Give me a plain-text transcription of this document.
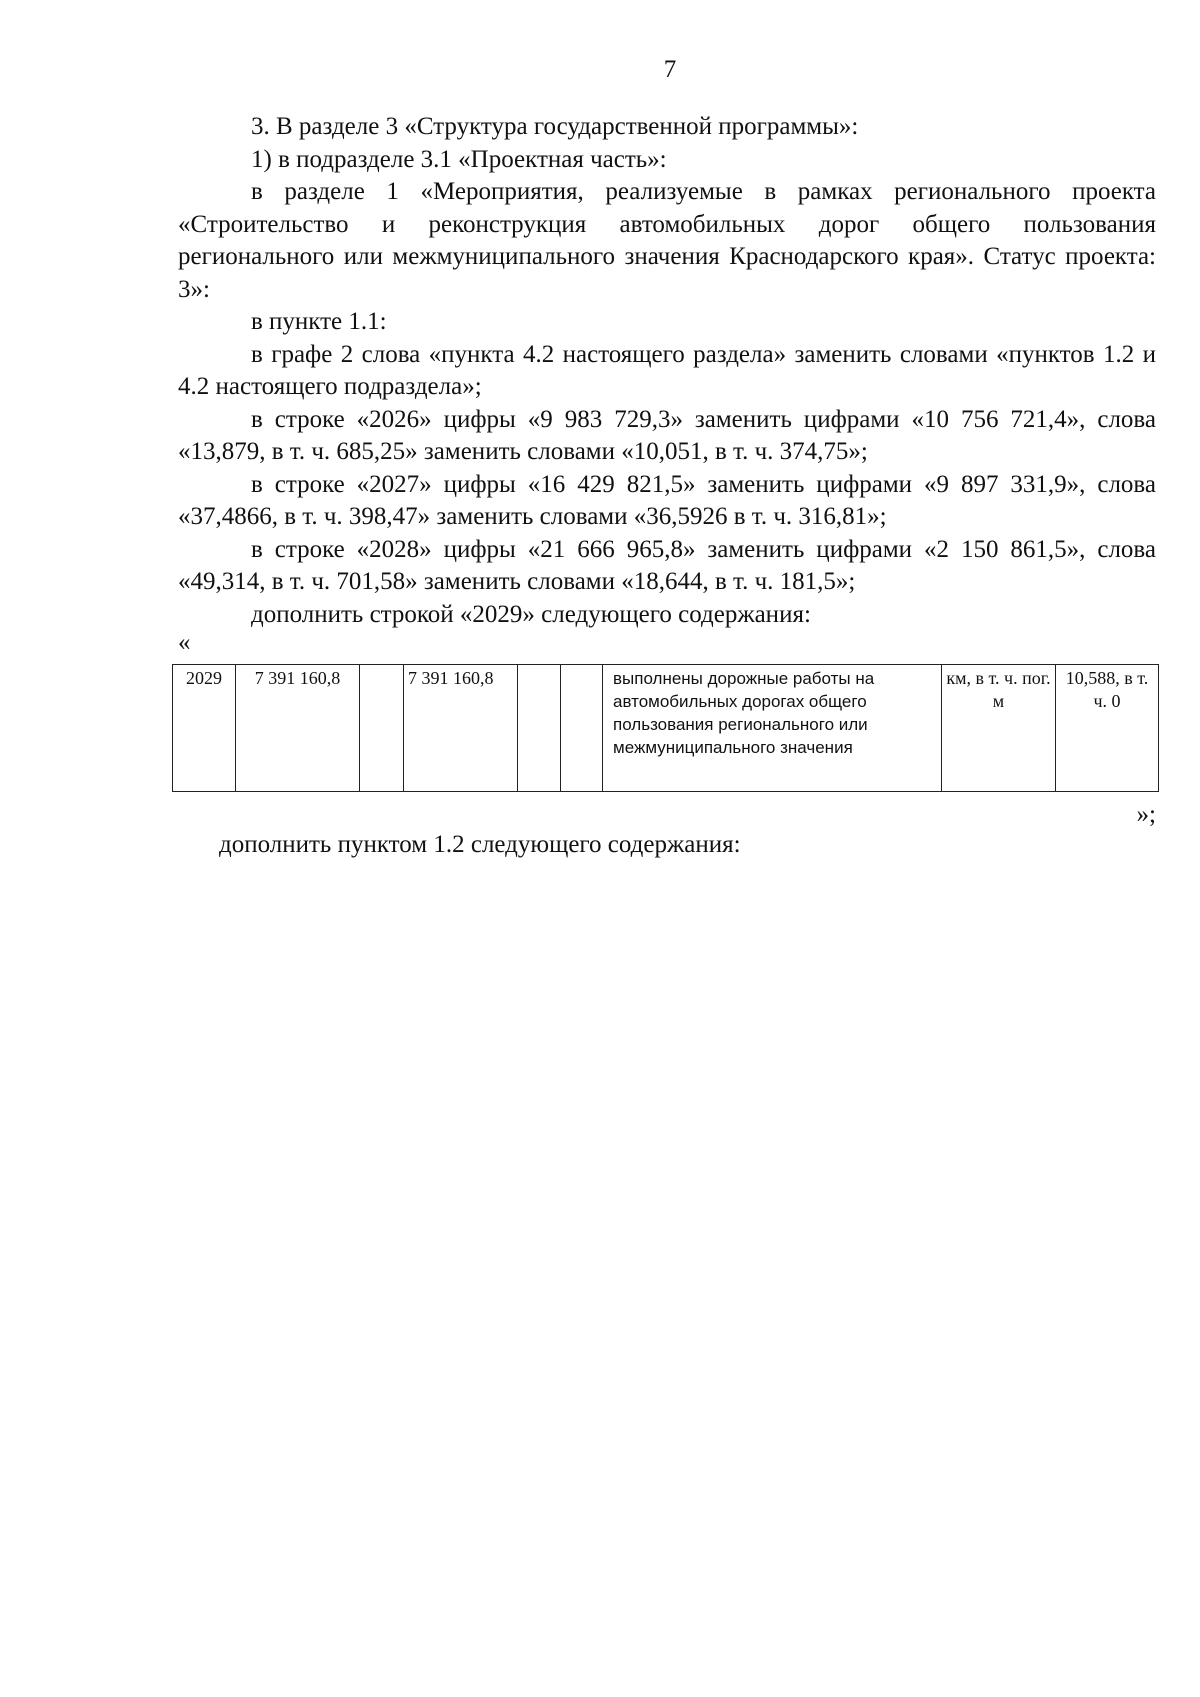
7

3. В разделе 3 «Структура государственной программы»:

1) в подразделе 3.1 «Проектная часть»:

в разделе 1 «Мероприятия, реализуемые в рамках регионального проекта «Строительство и реконструкция автомобильных дорог общего пользования регионального или межмуниципального значения Краснодарского края». Статус проекта: 3»:

в пункте 1.1:

в графе 2 слова «пункта 4.2 настоящего раздела» заменить словами «пунктов 1.2 и 4.2 настоящего подраздела»;

в строке «2026» цифры «9 983 729,3» заменить цифрами «10 756 721,4», слова «13,879, в т. ч. 685,25» заменить словами «10,051, в т. ч. 374,75»;

в строке «2027» цифры «16 429 821,5» заменить цифрами «9 897 331,9», слова «37,4866, в т. ч. 398,47» заменить словами «36,5926 в т. ч. 316,81»;

в строке «2028» цифры «21 666 965,8» заменить цифрами «2 150 861,5», слова «49,314, в т. ч. 701,58» заменить словами «18,644, в т. ч. 181,5»;

дополнить строкой «2029» следующего содержания:

«
2029	7 391 160,8		7 391 160,8			выполнены дорожные работы на автомобильных дорогах общего пользования регионального или межмуниципального значения	км, в т. ч. пог. м	10,588, в т. ч. 0
»;
дополнить пунктом 1.2 следующего содержания:
